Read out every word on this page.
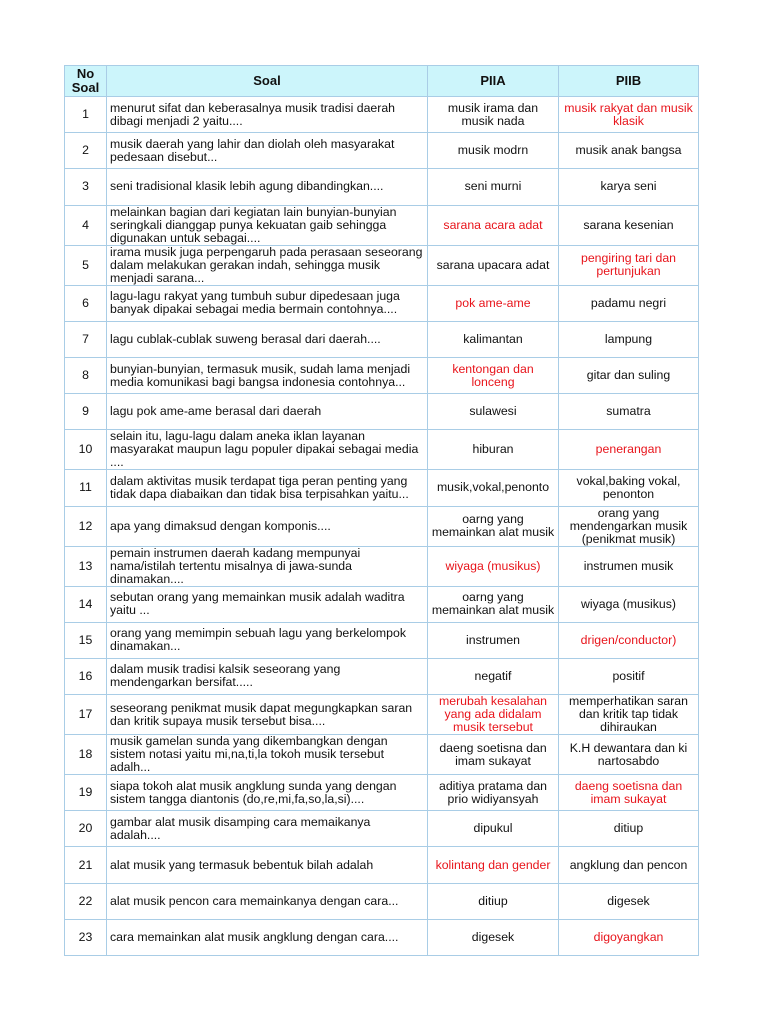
No Soal	Soal	PIIA	PIIB
1	menurut sifat dan keberasalnya musik tradisi daerah dibagi menjadi 2 yaitu....	musik irama dan musik nada	musik rakyat dan musik klasik
2	musik daerah yang lahir dan diolah oleh masyarakat pedesaan disebut...	musik modrn	musik anak bangsa
3	seni tradisional klasik lebih agung dibandingkan....	seni murni	karya seni
4	melainkan bagian dari kegiatan lain bunyian-bunyian seringkali dianggap punya kekuatan gaib sehingga digunakan untuk sebagai....	sarana acara adat	sarana kesenian
5	irama musik juga perpengaruh pada perasaan seseorang dalam melakukan gerakan indah, sehingga musik menjadi sarana...	sarana upacara adat	pengiring tari dan pertunjukan
6	lagu-lagu rakyat yang tumbuh subur dipedesaan juga banyak dipakai sebagai media bermain contohnya....	pok ame-ame	padamu negri
7	lagu cublak-cublak suweng berasal dari daerah....	kalimantan	lampung
8	bunyian-bunyian, termasuk musik, sudah lama menjadi media komunikasi bagi bangsa indonesia contohnya...	kentongan dan lonceng	gitar dan suling
9	lagu pok ame-ame berasal dari daerah	sulawesi	sumatra
10	selain itu, lagu-lagu dalam aneka iklan layanan masyarakat maupun lagu populer dipakai sebagai media ....	hiburan	penerangan
11	dalam aktivitas musik terdapat tiga peran penting yang tidak dapa diabaikan dan tidak bisa terpisahkan yaitu...	musik,vokal,penonto	vokal,baking vokal, penonton
12	apa yang dimaksud dengan komponis....	oarng yang memainkan alat musik	orang yang mendengarkan musik (penikmat musik)
13	pemain instrumen daerah kadang mempunyai nama/istilah tertentu misalnya di jawa-sunda dinamakan....	wiyaga (musikus)	instrumen musik
14	sebutan orang yang memainkan musik adalah waditra yaitu ...	oarng yang memainkan alat musik	wiyaga (musikus)
15	orang yang memimpin sebuah lagu yang berkelompok dinamakan...	instrumen	drigen/conductor)
16	dalam musik tradisi kalsik seseorang yang mendengarkan bersifat.....	negatif	positif
17	seseorang penikmat musik dapat megungkapkan saran dan kritik supaya musik tersebut bisa....	merubah kesalahan yang ada didalam musik tersebut	memperhatikan saran dan kritik tap tidak dihiraukan
18	musik gamelan sunda yang dikembangkan dengan sistem notasi yaitu mi,na,ti,la tokoh musik tersebut adalh...	daeng soetisna dan imam sukayat	K.H dewantara dan ki nartosabdo
19	siapa tokoh alat musik angklung sunda yang dengan sistem tangga diantonis (do,re,mi,fa,so,la,si)....	aditiya pratama dan prio widiyansyah	daeng soetisna dan imam sukayat
20	gambar alat musik disamping cara memaikanya adalah....	dipukul	ditiup
21	alat musik yang termasuk bebentuk bilah adalah	kolintang dan gender	angklung dan pencon
22	alat musik pencon cara memainkanya dengan cara...	ditiup	digesek
23	cara memainkan alat musik angklung dengan cara....	digesek	digoyangkan
